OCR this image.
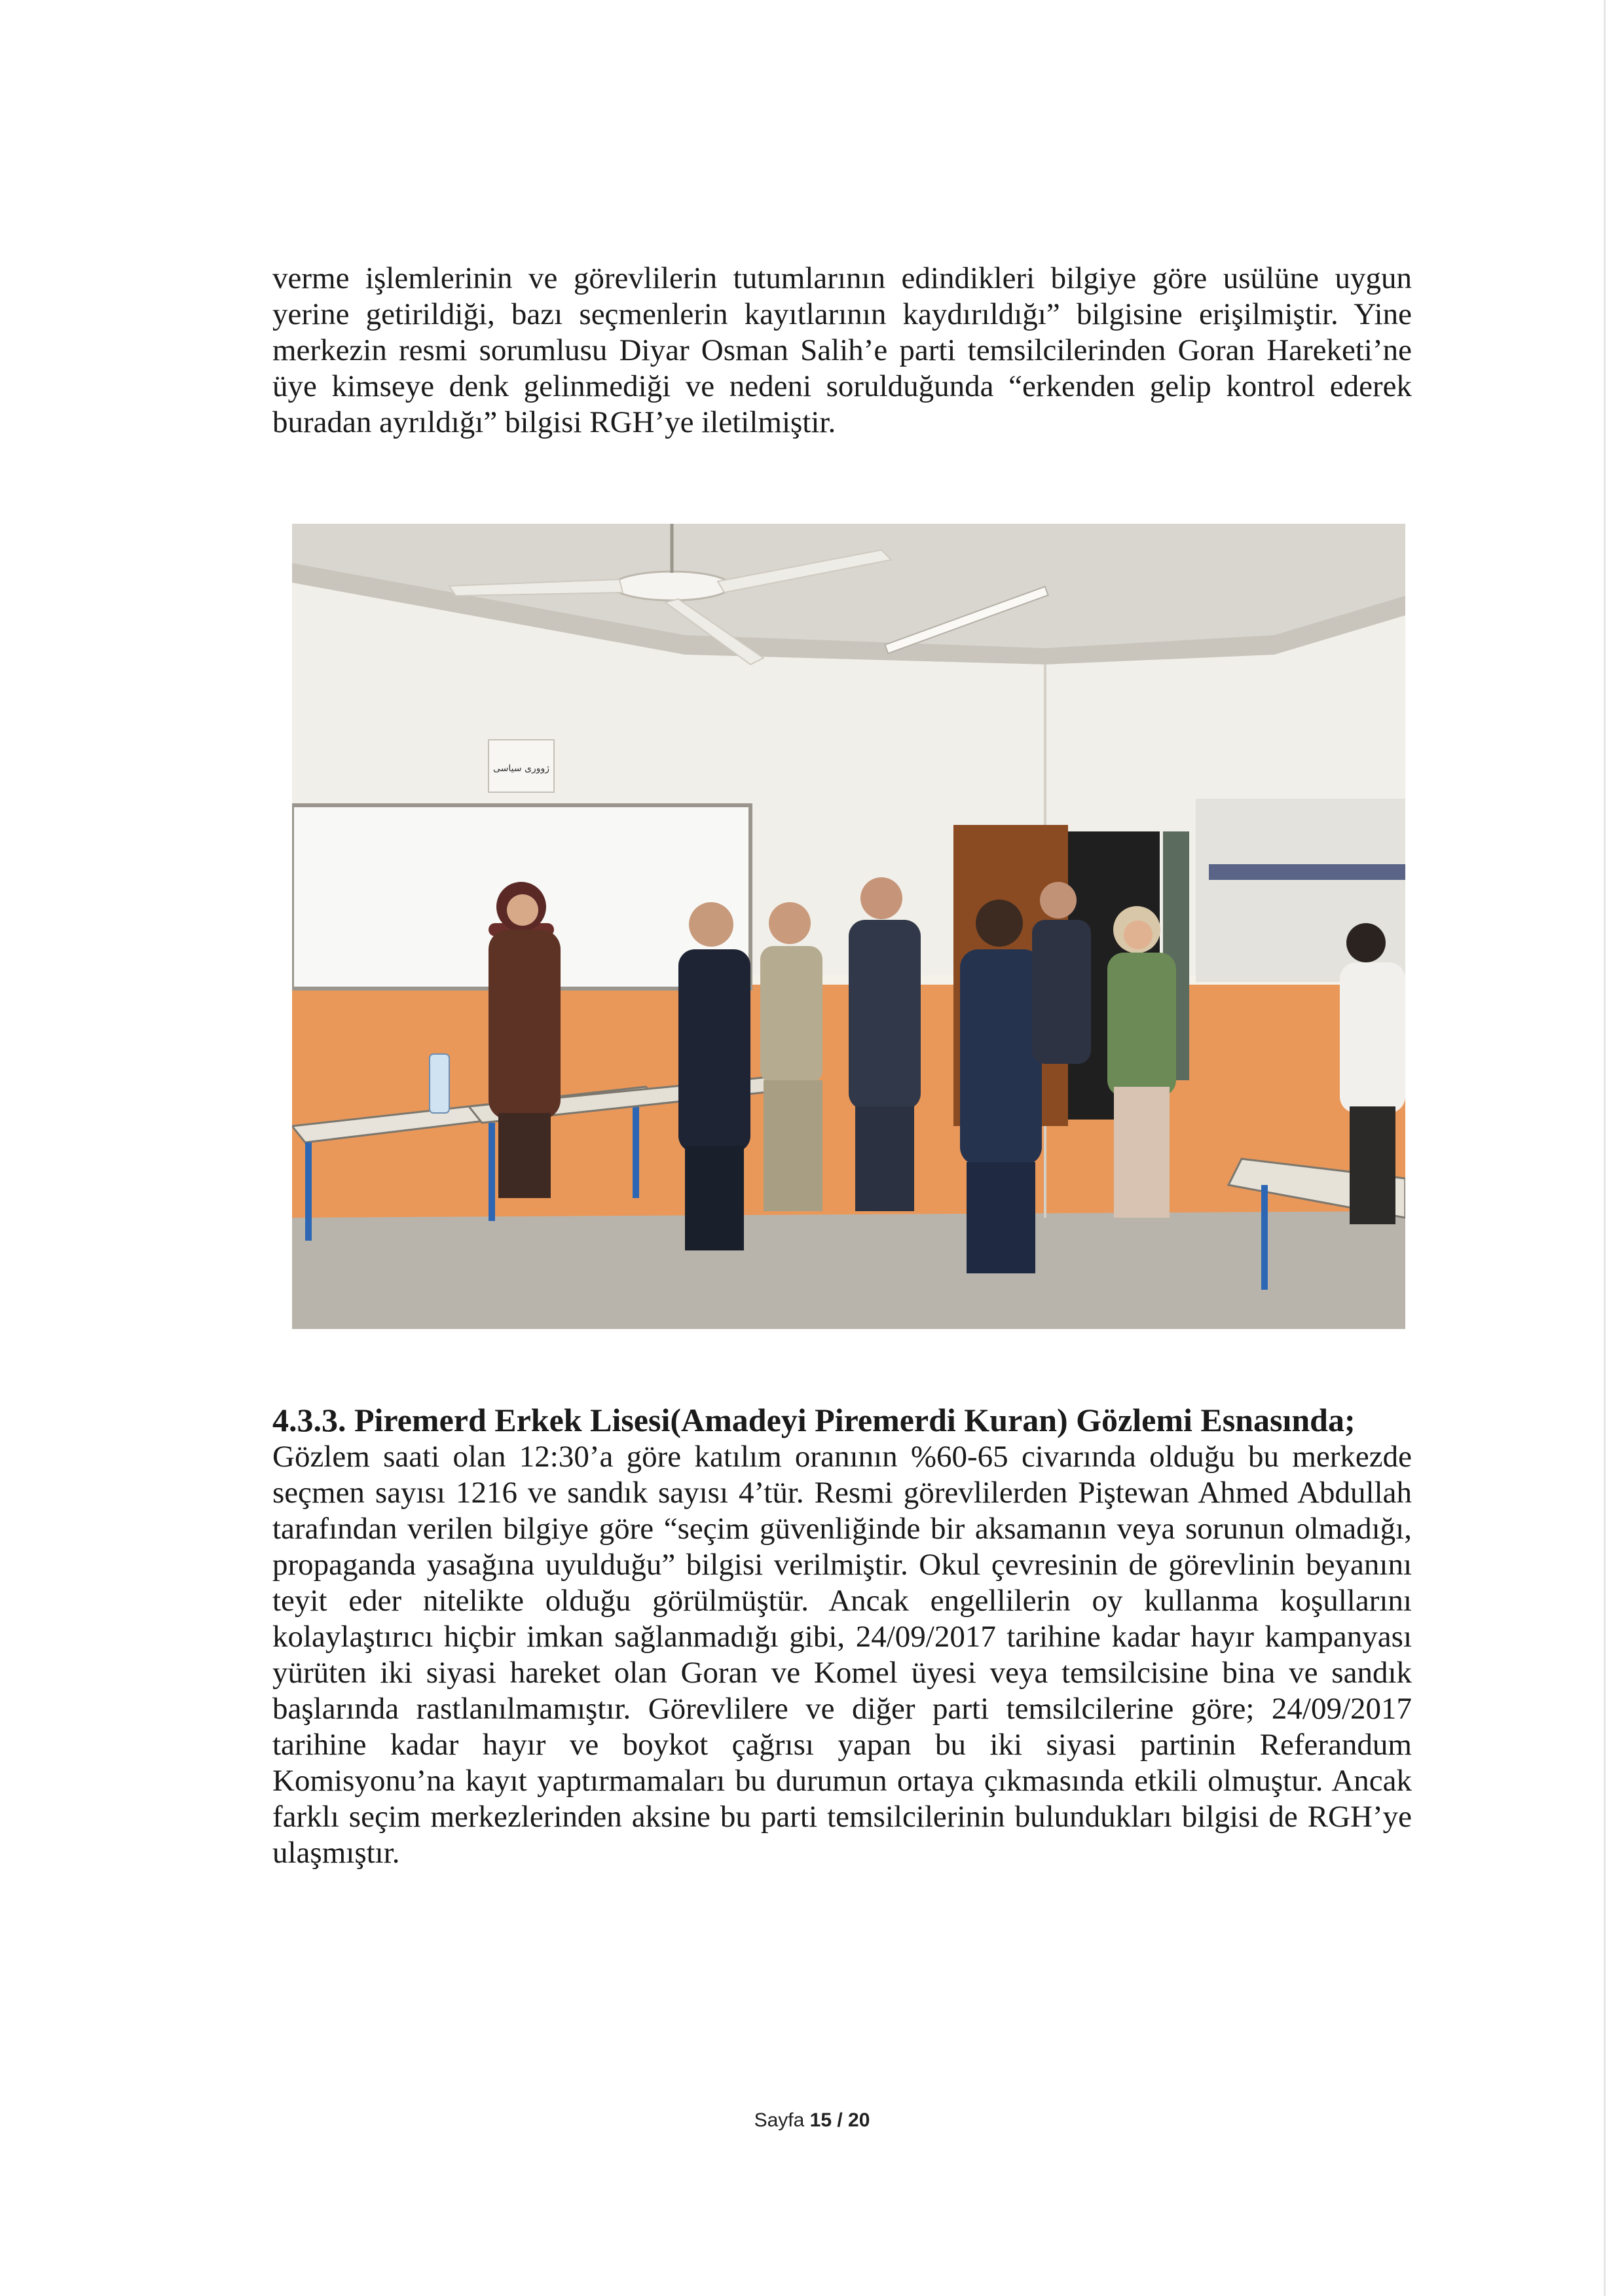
verme işlemlerinin ve görevlilerin tutumlarının edindikleri bilgiye göre usülüne uygun yerine getirildiği, bazı seçmenlerin kayıtlarının kaydırıldığı” bilgisine erişilmiştir. Yine merkezin resmi sorumlusu Diyar Osman Salih’e parti temsilcilerinden Goran Hareketi’ne üye kimseye denk gelinmediği ve nedeni sorulduğunda “erkenden gelip kontrol ederek buradan ayrıldığı” bilgisi RGH’ye iletilmiştir.

ژووری سیاسی

4.3.3. Piremerd Erkek Lisesi(Amadeyi Piremerdi Kuran) Gözlemi Esnasında;

Gözlem saati olan 12:30’a göre katılım oranının %60-65 civarında olduğu bu merkezde seçmen sayısı 1216 ve sandık sayısı 4’tür. Resmi görevlilerden Piştewan Ahmed Abdullah tarafından verilen bilgiye göre “seçim güvenliğinde bir aksamanın veya sorunun olmadığı, propaganda yasağına uyulduğu” bilgisi verilmiştir. Okul çevresinin de görevlinin beyanını teyit eder nitelikte olduğu görülmüştür. Ancak engellilerin oy kullanma koşullarını kolaylaştırıcı hiçbir imkan sağlanmadığı gibi, 24/09/2017 tarihine kadar hayır kampanyası yürüten iki siyasi hareket olan Goran ve Komel üyesi veya temsilcisine bina ve sandık başlarında rastlanılmamıştır. Görevlilere ve diğer parti temsilcilerine göre; 24/09/2017 tarihine kadar hayır ve boykot çağrısı yapan bu iki siyasi partinin Referandum Komisyonu’na kayıt yaptırmamaları bu durumun ortaya çıkmasında etkili olmuştur. Ancak farklı seçim merkezlerinden aksine bu parti temsilcilerinin bulundukları bilgisi de RGH’ye ulaşmıştır.

Sayfa 15 / 20
